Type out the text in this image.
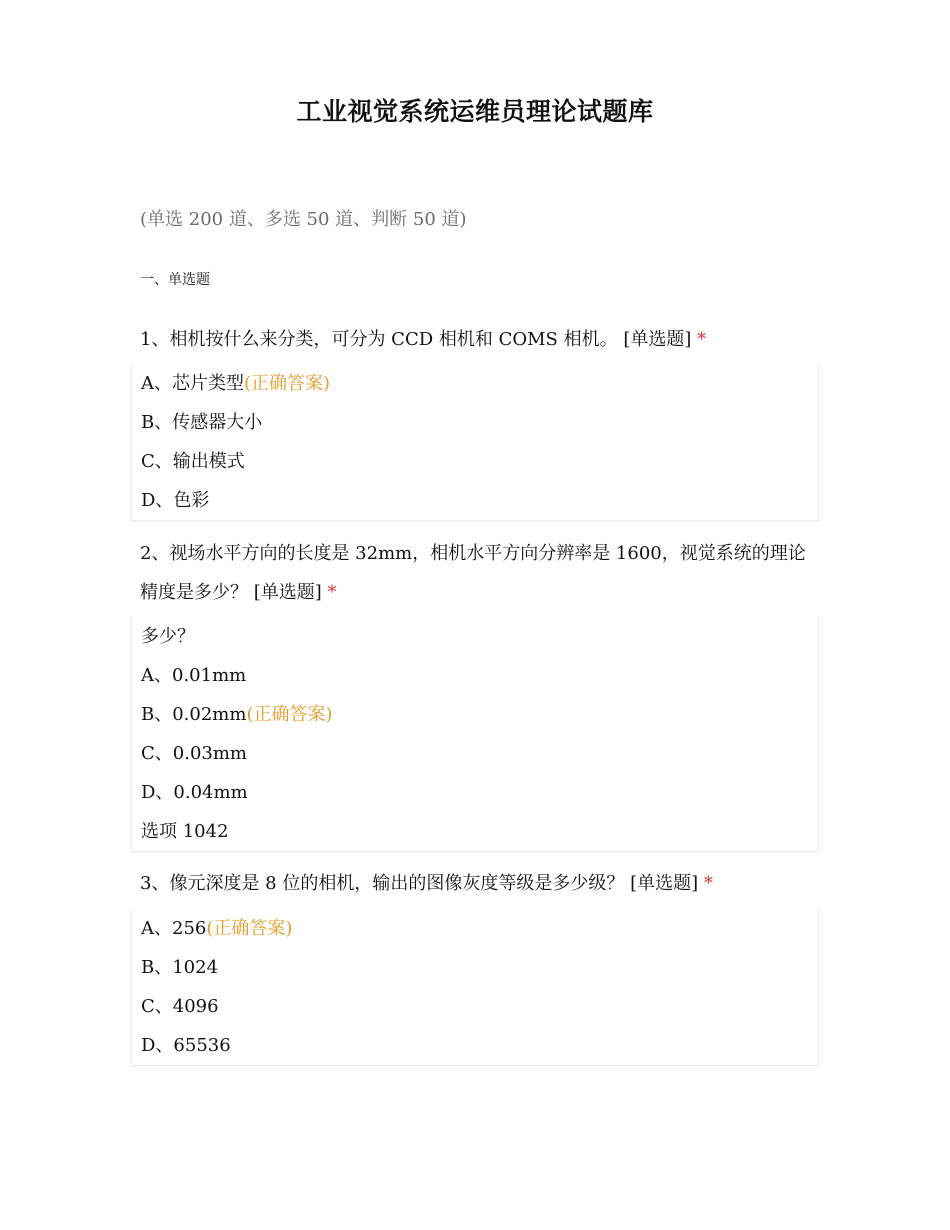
工业视觉系统运维员理论试题库
(单选 200 道、多选 50 道、判断 50 道)
一、单选题
1、相机按什么来分类，可分为 CCD 相机和 COMS 相机。 [单选题] *
A、芯片类型(正确答案)
B、传感器大小
C、输出模式
D、色彩
2、视场水平方向的长度是 32mm，相机水平方向分辨率是 1600，视觉系统的理论
精度是多少？ [单选题] *
多少？
A、0.01mm
B、0.02mm(正确答案)
C、0.03mm
D、0.04mm
选项 1042
3、像元深度是 8 位的相机，输出的图像灰度等级是多少级？ [单选题] *
A、256(正确答案)
B、1024
C、4096
D、65536
